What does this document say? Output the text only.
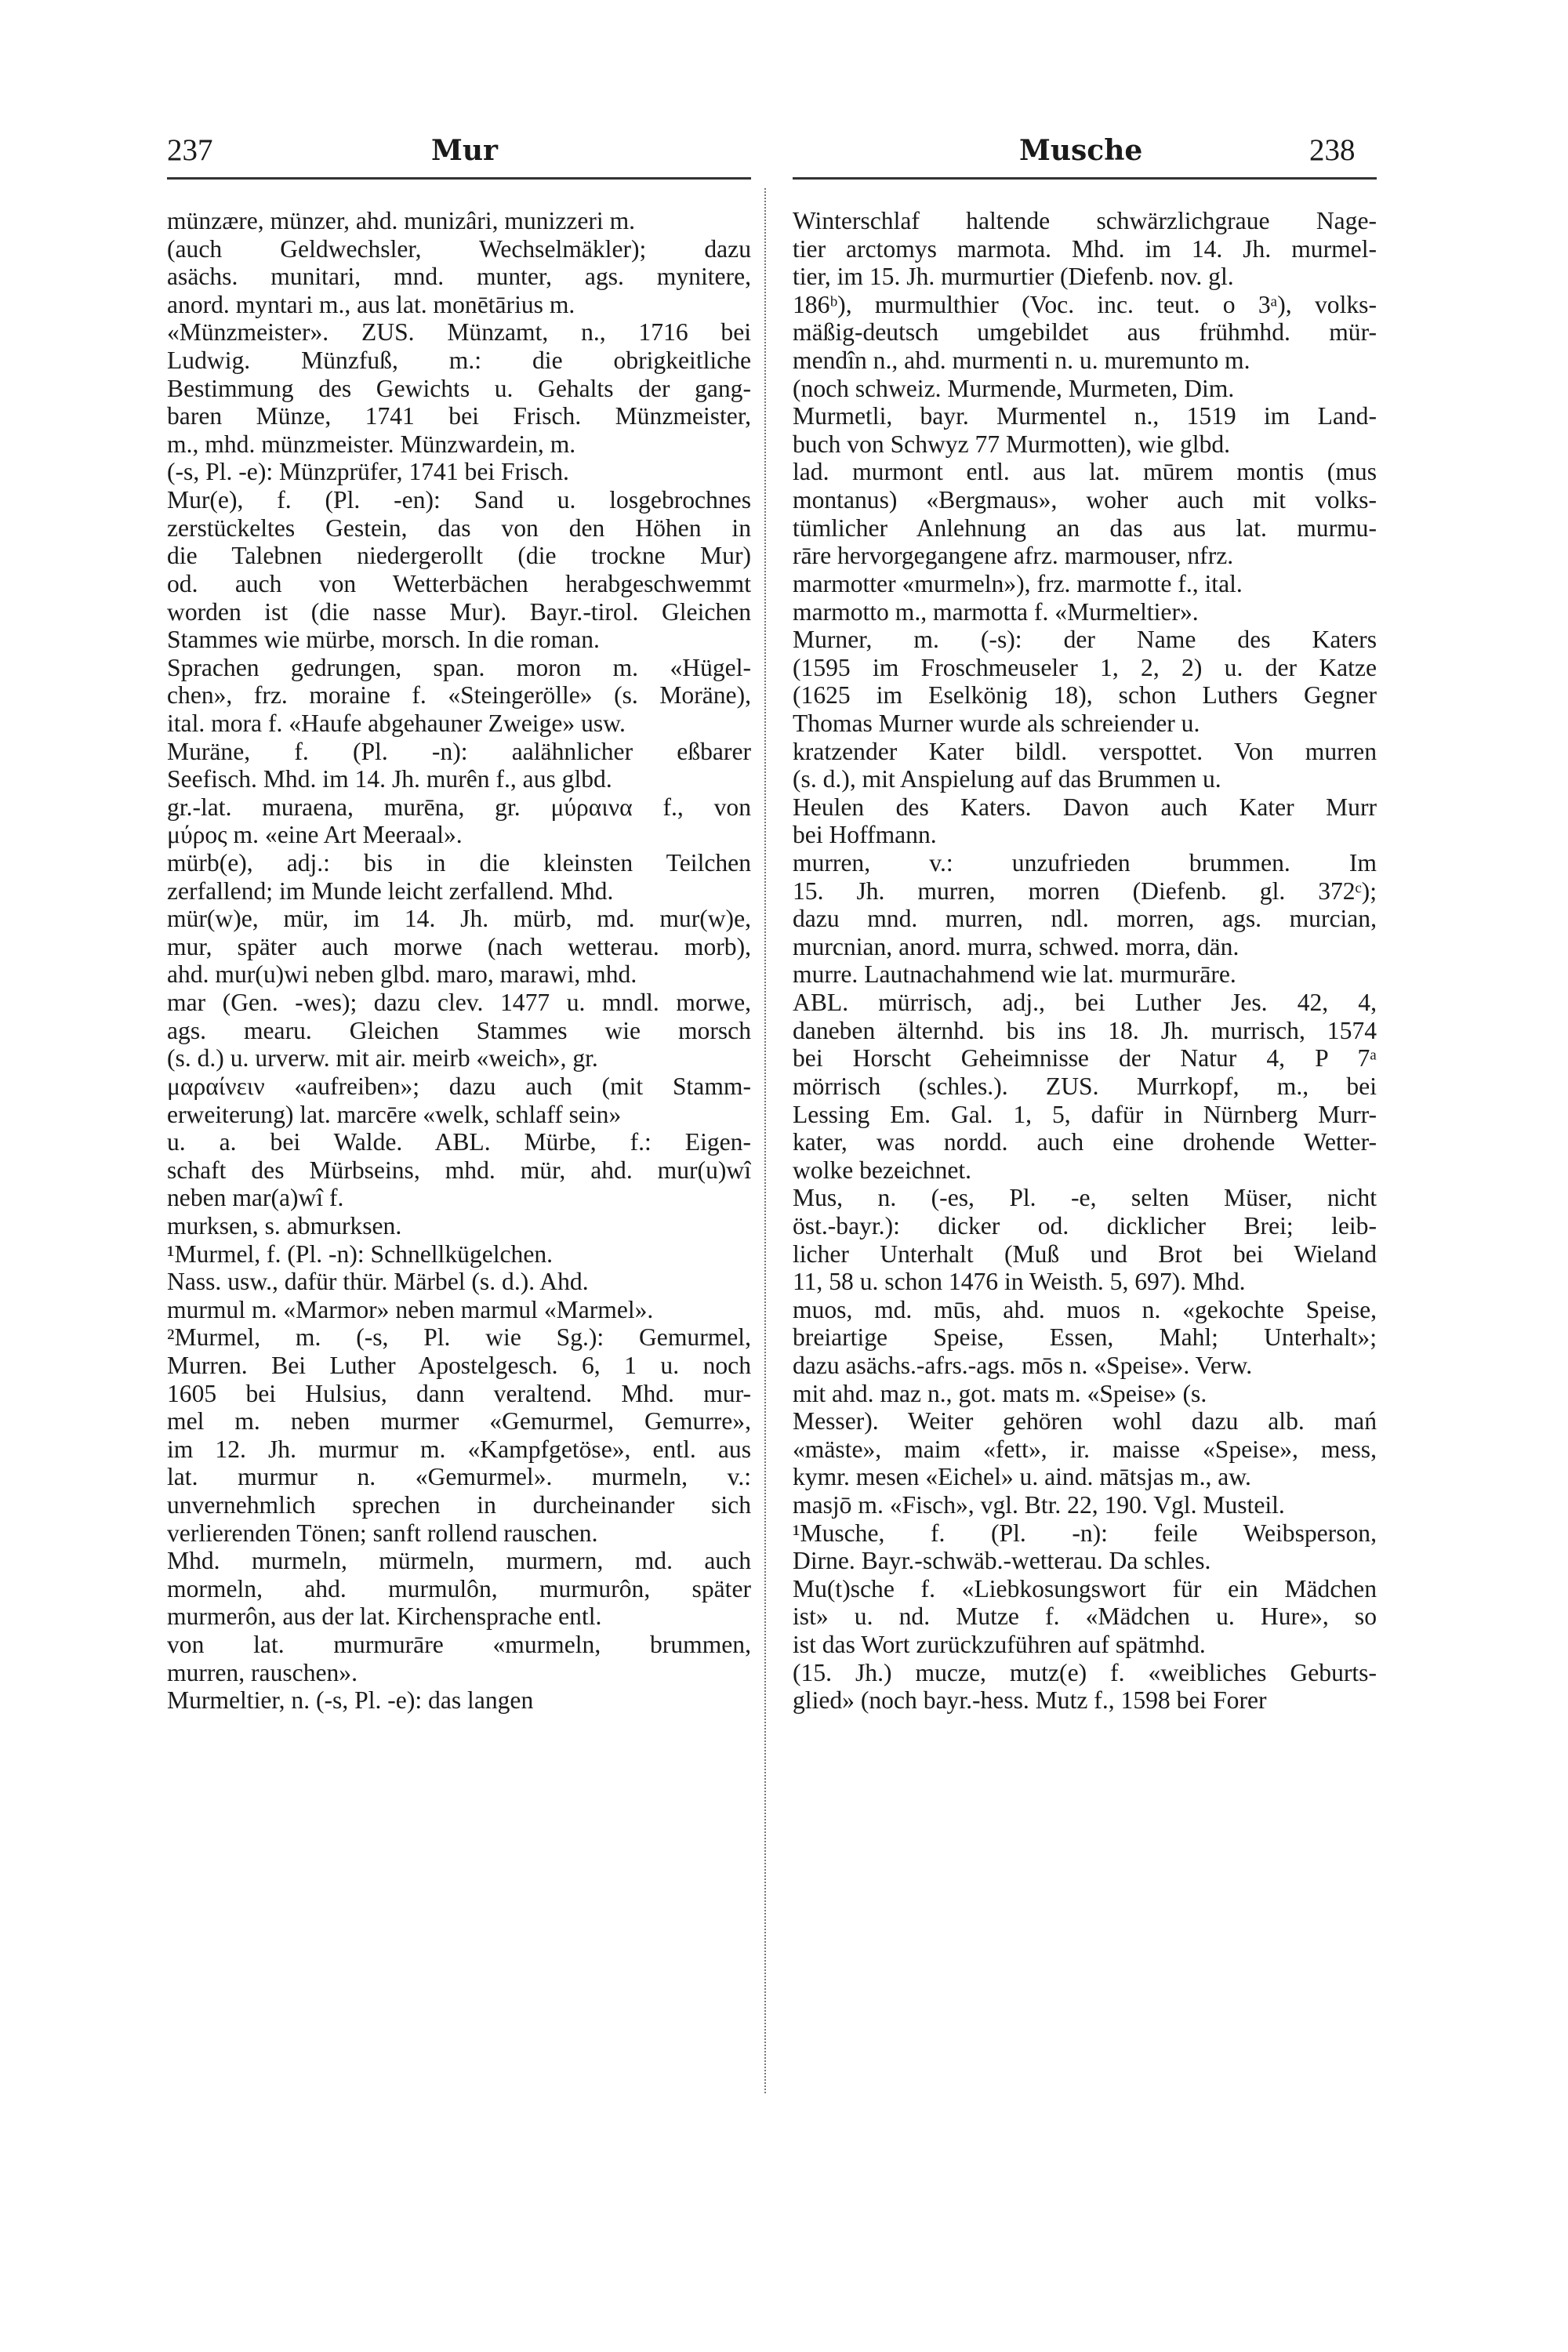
237	Mur	Musche	238
münzære, münzer, ahd. munizâri, munizzeri m.
(auch Geldwechsler, Wechselmäkler); dazu
asächs. munitari, mnd. munter, ags. mynitere,
anord. myntari m., aus lat. monētārius m.
«Münzmeister». ZUS. Münzamt, n., 1716 bei
Ludwig. Münzfuß, m.: die obrigkeitliche
Bestimmung des Gewichts u. Gehalts der gang-
baren Münze, 1741 bei Frisch. Münzmeister,
m., mhd. münzmeister. Münzwardein, m.
(-s, Pl. -e): Münzprüfer, 1741 bei Frisch.
Mur(e), f. (Pl. -en): Sand u. losgebrochnes
zerstückeltes Gestein, das von den Höhen in
die Talebnen niedergerollt (die trockne Mur)
od. auch von Wetterbächen herabgeschwemmt
worden ist (die nasse Mur). Bayr.-tirol. Gleichen
Stammes wie mürbe, morsch. In die roman.
Sprachen gedrungen, span. moron m. «Hügel-
chen», frz. moraine f. «Steingerölle» (s. Moräne),
ital. mora f. «Haufe abgehauner Zweige» usw.
Muräne, f. (Pl. -n): aalähnlicher eßbarer
Seefisch. Mhd. im 14. Jh. murên f., aus glbd.
gr.-lat. muraena, murēna, gr. μύραινα f., von
μύρος m. «eine Art Meeraal».
mürb(e), adj.: bis in die kleinsten Teilchen
zerfallend; im Munde leicht zerfallend. Mhd.
mür(w)e, mür, im 14. Jh. mürb, md. mur(w)e,
mur, später auch morwe (nach wetterau. morb),
ahd. mur(u)wi neben glbd. maro, marawi, mhd.
mar (Gen. -wes); dazu clev. 1477 u. mndl. morwe,
ags. mearu. Gleichen Stammes wie morsch
(s. d.) u. urverw. mit air. meirb «weich», gr.
μαραίνειν «aufreiben»; dazu auch (mit Stamm-
erweiterung) lat. marcēre «welk, schlaff sein»
u. a. bei Walde. ABL. Mürbe, f.: Eigen-
schaft des Mürbseins, mhd. mür, ahd. mur(u)wî
neben mar(a)wî f.
murksen, s. abmurksen.
¹Murmel, f. (Pl. -n): Schnellkügelchen.
Nass. usw., dafür thür. Märbel (s. d.). Ahd.
murmul m. «Marmor» neben marmul «Marmel».
²Murmel, m. (-s, Pl. wie Sg.): Gemurmel,
Murren. Bei Luther Apostelgesch. 6, 1 u. noch
1605 bei Hulsius, dann veraltend. Mhd. mur-
mel m. neben murmer «Gemurmel, Gemurre»,
im 12. Jh. murmur m. «Kampfgetöse», entl. aus
lat. murmur n. «Gemurmel». murmeln, v.:
unvernehmlich sprechen in durcheinander sich
verlierenden Tönen; sanft rollend rauschen.
Mhd. murmeln, mürmeln, murmern, md. auch
mormeln, ahd. murmulôn, murmurôn, später
murmerôn, aus der lat. Kirchensprache entl.
von lat. murmurāre «murmeln, brummen,
murren, rauschen».
Murmeltier, n. (-s, Pl. -e): das langen
Winterschlaf haltende schwärzlichgraue Nage-
tier arctomys marmota. Mhd. im 14. Jh. murmel-
tier, im 15. Jh. murmurtier (Diefenb. nov. gl.
186ᵇ), murmulthier (Voc. inc. teut. o 3ᵃ), volks-
mäßig-deutsch umgebildet aus frühmhd. mür-
mendîn n., ahd. murmenti n. u. muremunto m.
(noch schweiz. Murmende, Murmeten, Dim.
Murmetli, bayr. Murmentel n., 1519 im Land-
buch von Schwyz 77 Murmotten), wie glbd.
lad. murmont entl. aus lat. mūrem montis (mus
montanus) «Bergmaus», woher auch mit volks-
tümlicher Anlehnung an das aus lat. murmu-
rāre hervorgegangene afrz. marmouser, nfrz.
marmotter «murmeln»), frz. marmotte f., ital.
marmotto m., marmotta f. «Murmeltier».
Murner, m. (-s): der Name des Katers
(1595 im Froschmeuseler 1, 2, 2) u. der Katze
(1625 im Eselkönig 18), schon Luthers Gegner
Thomas Murner wurde als schreiender u.
kratzender Kater bildl. verspottet. Von murren
(s. d.), mit Anspielung auf das Brummen u.
Heulen des Katers. Davon auch Kater Murr
bei Hoffmann.
murren, v.: unzufrieden brummen. Im
15. Jh. murren, morren (Diefenb. gl. 372ᶜ);
dazu mnd. murren, ndl. morren, ags. murcian,
murcnian, anord. murra, schwed. morra, dän.
murre. Lautnachahmend wie lat. murmurāre.
ABL. mürrisch, adj., bei Luther Jes. 42, 4,
daneben älternhd. bis ins 18. Jh. murrisch, 1574
bei Horscht Geheimnisse der Natur 4, P 7ᵃ
mörrisch (schles.). ZUS. Murrkopf, m., bei
Lessing Em. Gal. 1, 5, dafür in Nürnberg Murr-
kater, was nordd. auch eine drohende Wetter-
wolke bezeichnet.
Mus, n. (-es, Pl. -e, selten Müser, nicht
öst.-bayr.): dicker od. dicklicher Brei; leib-
licher Unterhalt (Muß und Brot bei Wieland
11, 58 u. schon 1476 in Weisth. 5, 697). Mhd.
muos, md. mūs, ahd. muos n. «gekochte Speise,
breiartige Speise, Essen, Mahl; Unterhalt»;
dazu asächs.-afrs.-ags. mōs n. «Speise». Verw.
mit ahd. maz n., got. mats m. «Speise» (s.
Messer). Weiter gehören wohl dazu alb. mań
«mäste», maim «fett», ir. maisse «Speise», mess,
kymr. mesen «Eichel» u. aind. mātsjas m., aw.
masjō m. «Fisch», vgl. Btr. 22, 190. Vgl. Musteil.
¹Musche, f. (Pl. -n): feile Weibsperson,
Dirne. Bayr.-schwäb.-wetterau. Da schles.
Mu(t)sche f. «Liebkosungswort für ein Mädchen
ist» u. nd. Mutze f. «Mädchen u. Hure», so
ist das Wort zurückzuführen auf spätmhd.
(15. Jh.) mucze, mutz(e) f. «weibliches Geburts-
glied» (noch bayr.-hess. Mutz f., 1598 bei Forer
